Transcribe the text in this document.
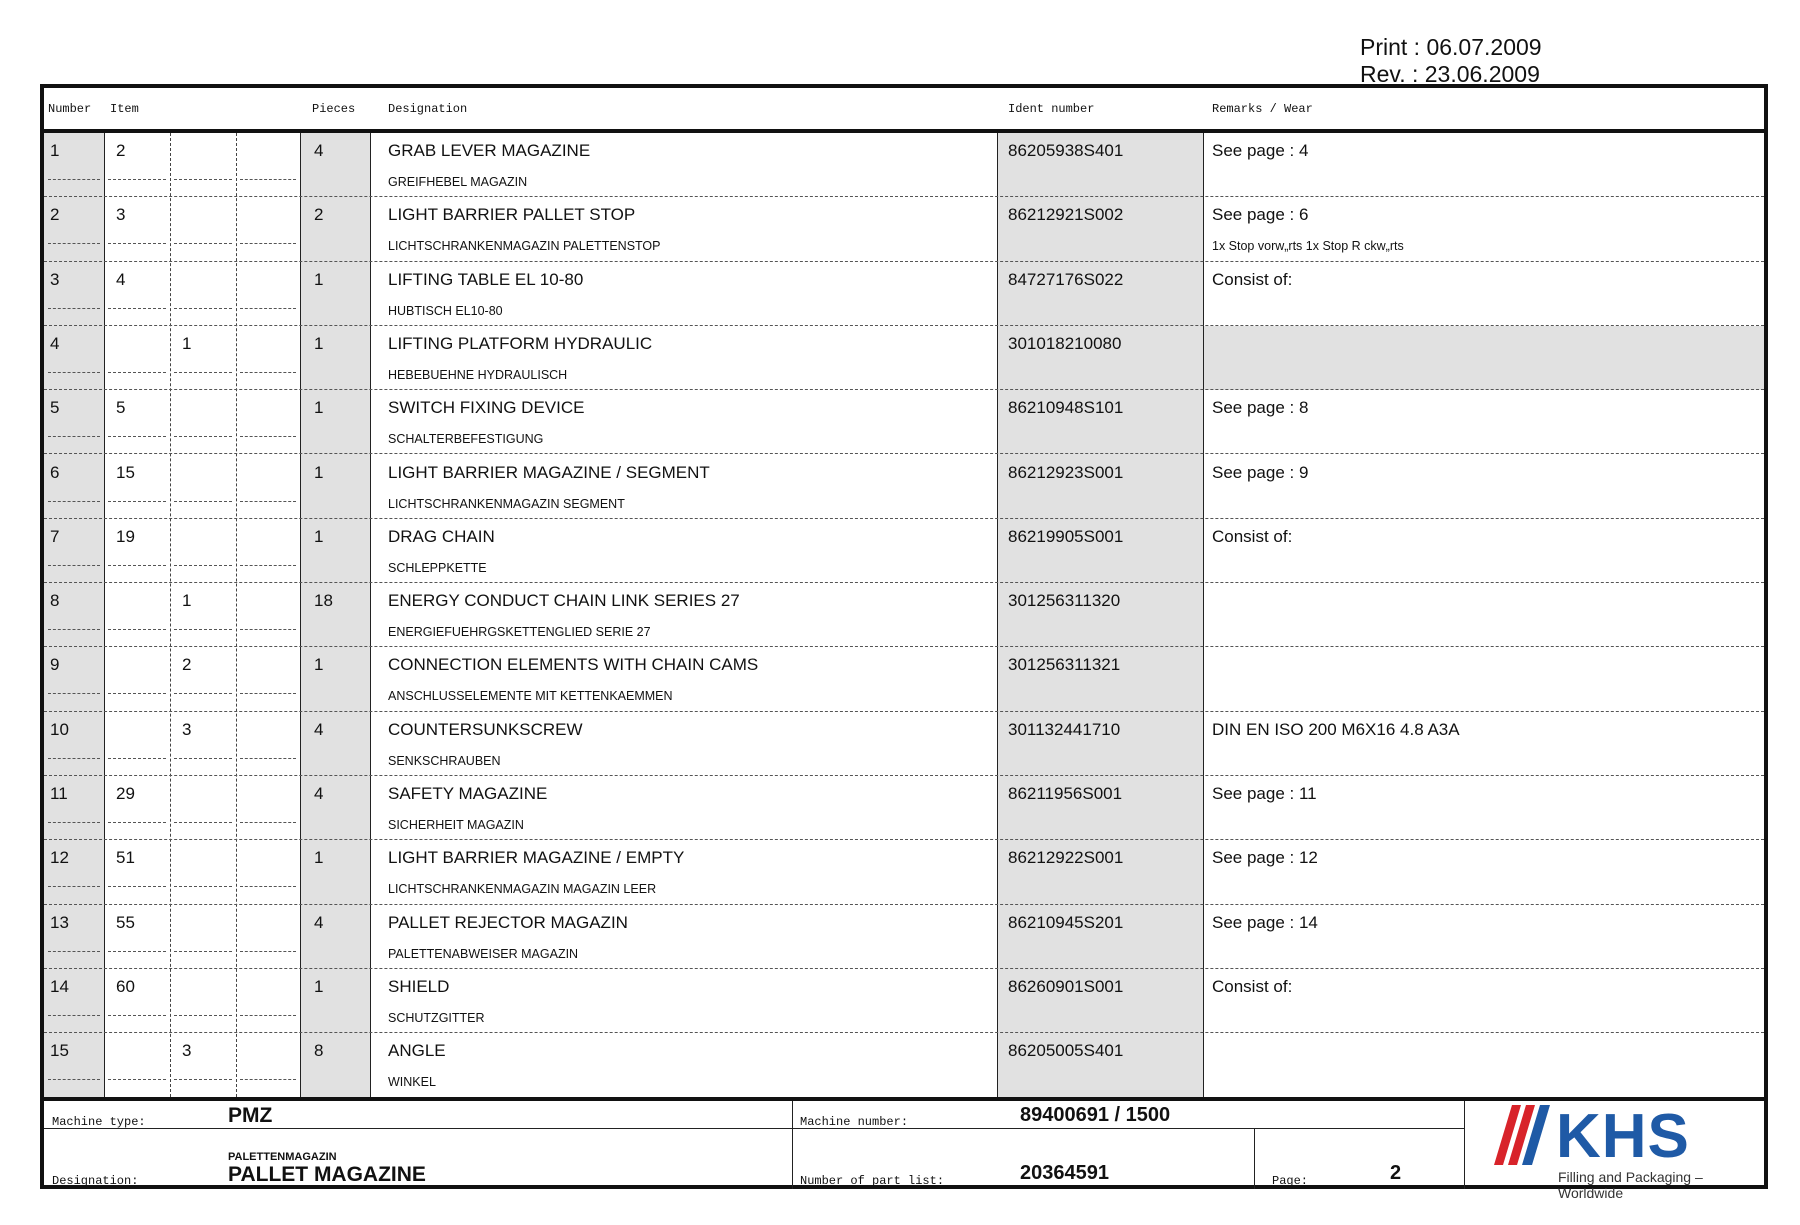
Print : 06.07.2009
Rev. : 23.06.2009
Number Item	Pieces	Designation	Ident number	Remarks / Wear
1	2	4	GRAB LEVER MAGAZINE
GREIFHEBEL MAGAZIN
86205938S401	See page : 4
2	3	2	LIGHT BARRIER PALLET STOP
LICHTSCHRANKENMAGAZIN PALETTENSTOP
86212921S002	See page : 6
1x Stop vorw„rts 1x Stop R ckw„rts
3	4	1	LIFTING TABLE EL 10-80
HUBTISCH EL10-80
84727176S022	Consist of:
4	1	1	LIFTING PLATFORM HYDRAULIC
HEBEBUEHNE HYDRAULISCH
301018210080
5	5	1	SWITCH FIXING DEVICE
SCHALTERBEFESTIGUNG
86210948S101	See page : 8
6	15	1	LIGHT BARRIER MAGAZINE / SEGMENT
LICHTSCHRANKENMAGAZIN SEGMENT
86212923S001	See page : 9
7	19	1	DRAG CHAIN
SCHLEPPKETTE
86219905S001	Consist of:
8	1	18	ENERGY CONDUCT CHAIN LINK SERIES 27
ENERGIEFUEHRGSKETTENGLIED SERIE 27
301256311320
9	2	1	CONNECTION ELEMENTS WITH CHAIN CAMS
ANSCHLUSSELEMENTE MIT KETTENKAEMMEN
301256311321
10	3	4	COUNTERSUNKSCREW
SENKSCHRAUBEN
301132441710	DIN EN ISO 200 M6X16 4.8 A3A
11	29	4	SAFETY MAGAZINE
SICHERHEIT MAGAZIN
86211956S001	See page : 11
12	51	1	LIGHT BARRIER MAGAZINE / EMPTY
LICHTSCHRANKENMAGAZIN MAGAZIN LEER
86212922S001	See page : 12
13	55	4	PALLET REJECTOR MAGAZIN
PALETTENABWEISER MAGAZIN
86210945S201	See page : 14
14	60	1	SHIELD
SCHUTZGITTER
86260901S001	Consist of:
15	3	8	ANGLE
WINKEL
86205005S401
Machine type:	PMZ
Designation:
PALETTENMAGAZIN
PALLET MAGAZINE
Machine number:	89400691 / 1500
Number of part list:	20364591	Page:	2
KHS
Filling and Packaging – Worldwide
